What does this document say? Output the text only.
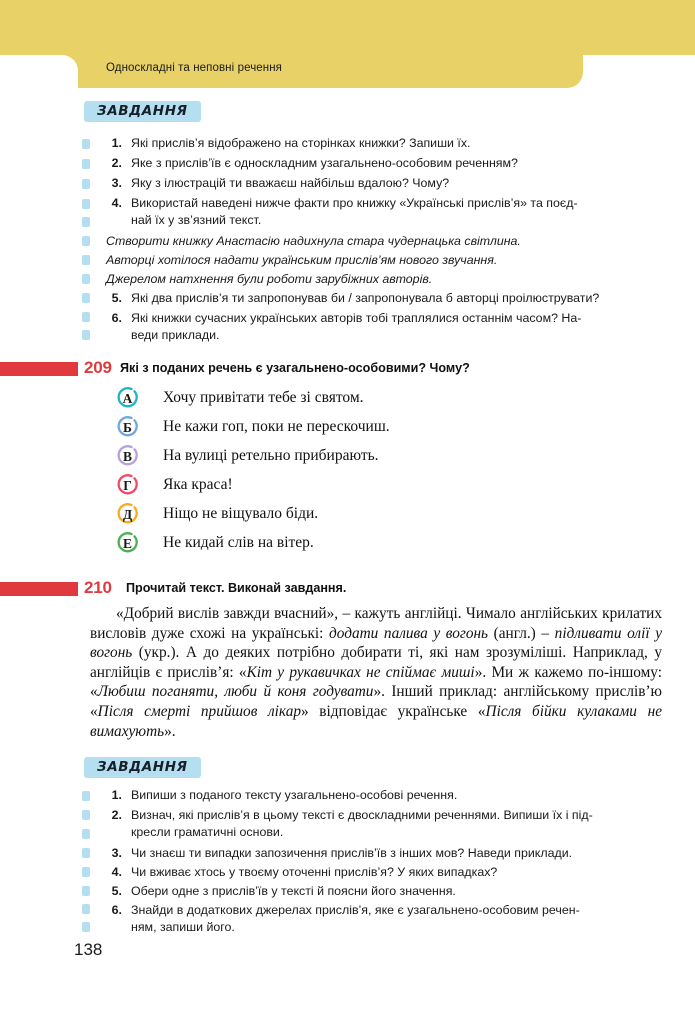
Односкладні та неповні речення
ЗАВДАННЯ
1. Які прислів’я відображено на сторінках книжки? Запиши їх.
2. Яке з прислів’їв є односкладним узагальнено-особовим реченням?
3. Яку з ілюстрацій ти вважаєш найбільш вдалою? Чому?
4. Використай наведені нижче факти про книжку «Українські прислів’я» та поєд-
най їх у зв’язний текст.
Створити книжку Анастасію надихнула стара чудернацька світлина.
Авторці хотілося надати українським прислів’ям нового звучання.
Джерелом натхнення були роботи зарубіжних авторів.
5. Які два прислів’я ти запропонував би / запропонувала б авторці проілюструвати?
6. Які книжки сучасних українських авторів тобі траплялися останнім часом? На-
веди приклади.
209 Які з поданих речень є узагальнено-особовими? Чому?
А	Хочу привітати тебе зі святом.
Б	Не кажи гоп, поки не перескочиш.
В	На вулиці ретельно прибирають.
Г	Яка краса!
Д	Ніщо не віщувало біди.
Е	Не кидай слів на вітер.
210 Прочитай текст. Виконай завдання.
«Добрий вислів завжди вчасний», – кажуть англійці. Чимало англійських крилатих висловів дуже схожі на українські: додати палива у вогонь (англ.) – підливати олії у вогонь (укр.). А до деяких потрібно добирати ті, які нам зрозуміліші. Наприклад, у англійців є прислів’я: «Кіт у рукавичках не спіймає миші». Ми ж кажемо по-іншому: «Любиш поганяти, люби й коня годувати». Інший приклад: англійському прислів’ю «Після смерті прийшов лікар» відповідає українське «Після бійки кулаками не вимахують».
ЗАВДАННЯ
1. Випиши з поданого тексту узагальнено-особові речення.
2. Визнач, які прислів’я в цьому тексті є двоскладними реченнями. Випиши їх і під-
кресли граматичні основи.
3. Чи знаєш ти випадки запозичення прислів’їв з інших мов? Наведи приклади.
4. Чи вживає хтось у твоєму оточенні прислів’я? У яких випадках?
5. Обери одне з прислів’їв у тексті й поясни його значення.
6. Знайди в додаткових джерелах прислів’я, яке є узагальнено-особовим речен-
ням, запиши його.
138
